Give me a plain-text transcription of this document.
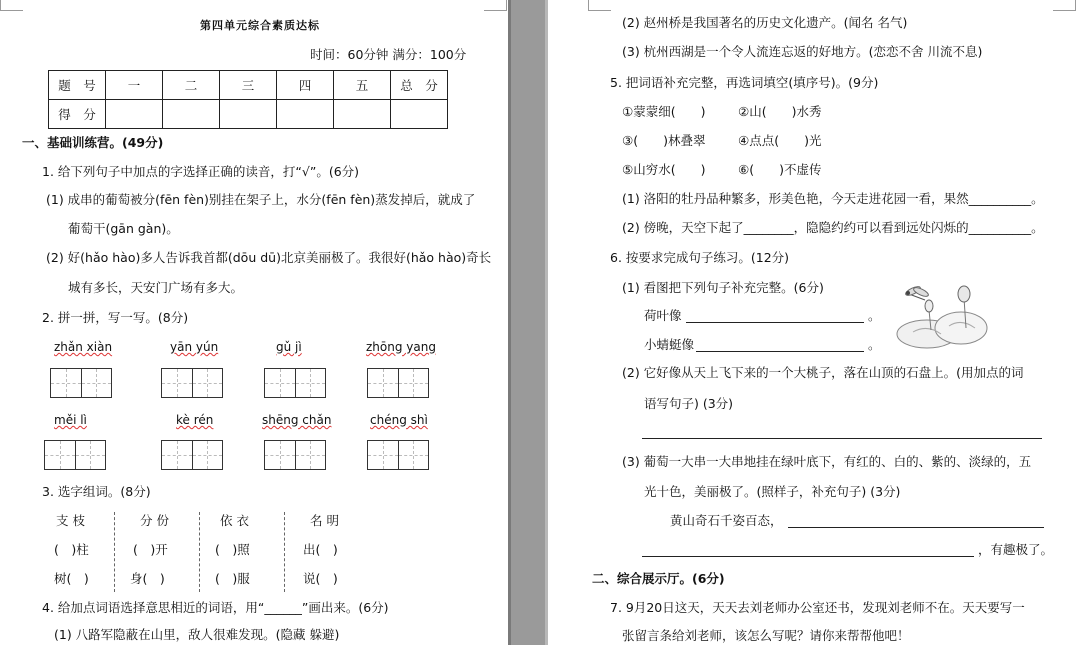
第四单元综合素质达标
时间：60分钟 满分：100分
题　号	一	二	三	四	五	总　分
得　分						
一、基础训练营。(49分)
1. 给下列句子中加点的字选择正确的读音，打“√”。(6分)
(1) 成串的葡萄被分(fēn fèn)别挂在架子上，水分(fēn fèn)蒸发掉后，就成了
葡萄干(gān gàn)。
(2) 好(hǎo hào)多人告诉我首都(dōu dū)北京美丽极了。我很好(hǎo hào)奇长
城有多长，天安门广场有多大。
2. 拼一拼，写一写。(8分)
zhǎn xiàn	yān yún	gǔ jì	zhōng yang
měi lì	kè rén	shēng chǎn	chéng shì
3. 选字组词。(8分)
支 枝	分 份	依 衣	名 明
(　)柱	(　)开	(　)照	出(　)
树(　)	身(　)	(　)服	说(　)
4. 给加点词语选择意思相近的词语，用“______”画出来。(6分)
(1) 八路军隐蔽在山里，敌人很难发现。(隐藏 躲避)
(2) 赵州桥是我国著名的历史文化遗产。(闻名 名气)
(3) 杭州西湖是一个令人流连忘返的好地方。(恋恋不舍 川流不息)
5. 把词语补充完整，再选词填空(填序号)。(9分)
①蒙蒙细(　　)	②山(　　)水秀
③(　　)林叠翠	④点点(　　)光
⑤山穷水(　　)	⑥(　　)不虚传
(1) 洛阳的牡丹品种繁多，形美色艳，今天走进花园一看，果然__________。
(2) 傍晚，天空下起了________，隐隐约约可以看到远处闪烁的__________。
6. 按要求完成句子练习。(12分)
(1) 看图把下列句子补充完整。(6分)
荷叶像	。
小蜻蜓像	。
(2) 它好像从天上飞下来的一个大桃子，落在山顶的石盘上。(用加点的词
语写句子) (3分)
(3) 葡萄一大串一大串地挂在绿叶底下，有红的、白的、紫的、淡绿的，五
光十色，美丽极了。(照样子，补充句子) (3分)
黄山奇石千姿百态，
，有趣极了。
二、综合展示厅。(6分)
7. 9月20日这天，天天去刘老师办公室还书，发现刘老师不在。天天要写一
张留言条给刘老师，该怎么写呢？请你来帮帮他吧！
